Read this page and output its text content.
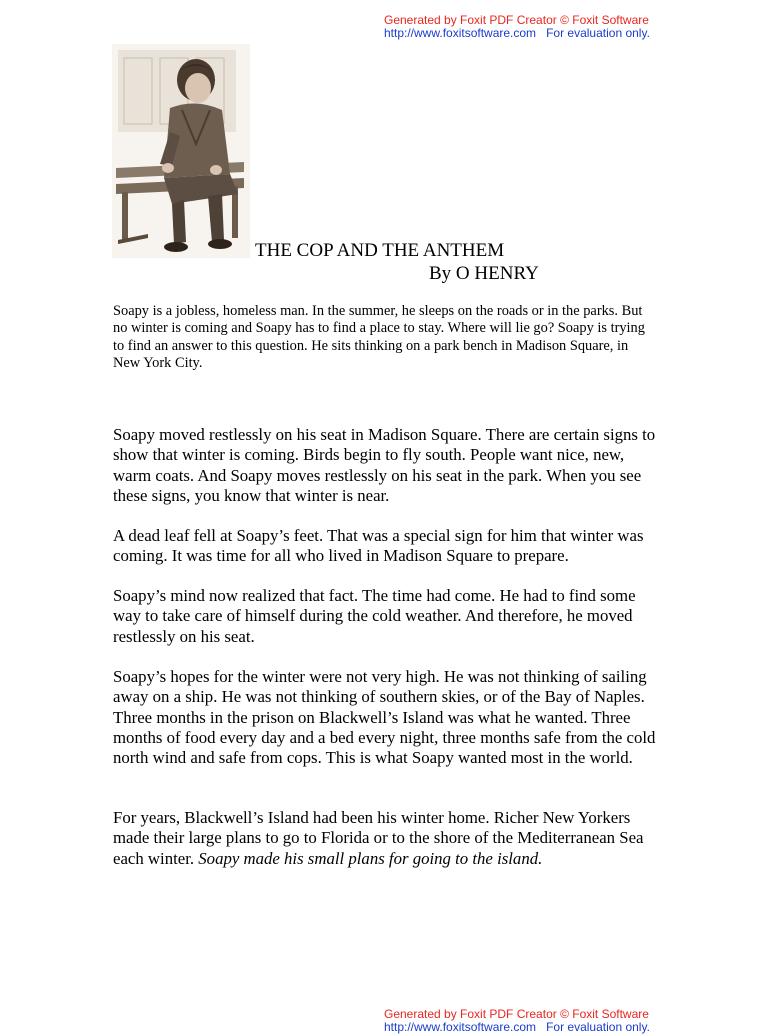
Generated by Foxit PDF Creator © Foxit Software
http://www.foxitsoftware.com For evaluation only.
THE COP AND THE ANTHEM
By O HENRY

Soapy is a jobless, homeless man. In the summer, he sleeps on the roads or in the parks. But no winter is coming and Soapy has to find a place to stay. Where will lie go? Soapy is trying to find an answer to this question. He sits thinking on a park bench in Madison Square, in New York City.

Soapy moved restlessly on his seat in Madison Square. There are certain signs to show that winter is coming. Birds begin to fly south. People want nice, new, warm coats. And Soapy moves restlessly on his seat in the park. When you see these signs, you know that winter is near.

A dead leaf fell at Soapy’s feet. That was a special sign for him that winter was coming. It was time for all who lived in Madison Square to prepare.

Soapy’s mind now realized that fact. The time had come. He had to find some way to take care of himself during the cold weather. And therefore, he moved restlessly on his seat.

Soapy’s hopes for the winter were not very high. He was not thinking of sailing away on a ship. He was not thinking of southern skies, or of the Bay of Naples. Three months in the prison on Blackwell’s Island was what he wanted. Three months of food every day and a bed every night, three months safe from the cold north wind and safe from cops. This is what Soapy wanted most in the world.

For years, Blackwell’s Island had been his winter home. Richer New Yorkers made their large plans to go to Florida or to the shore of the Mediterranean Sea each winter. Soapy made his small plans for going to the island.

Generated by Foxit PDF Creator © Foxit Software
http://www.foxitsoftware.com For evaluation only.
